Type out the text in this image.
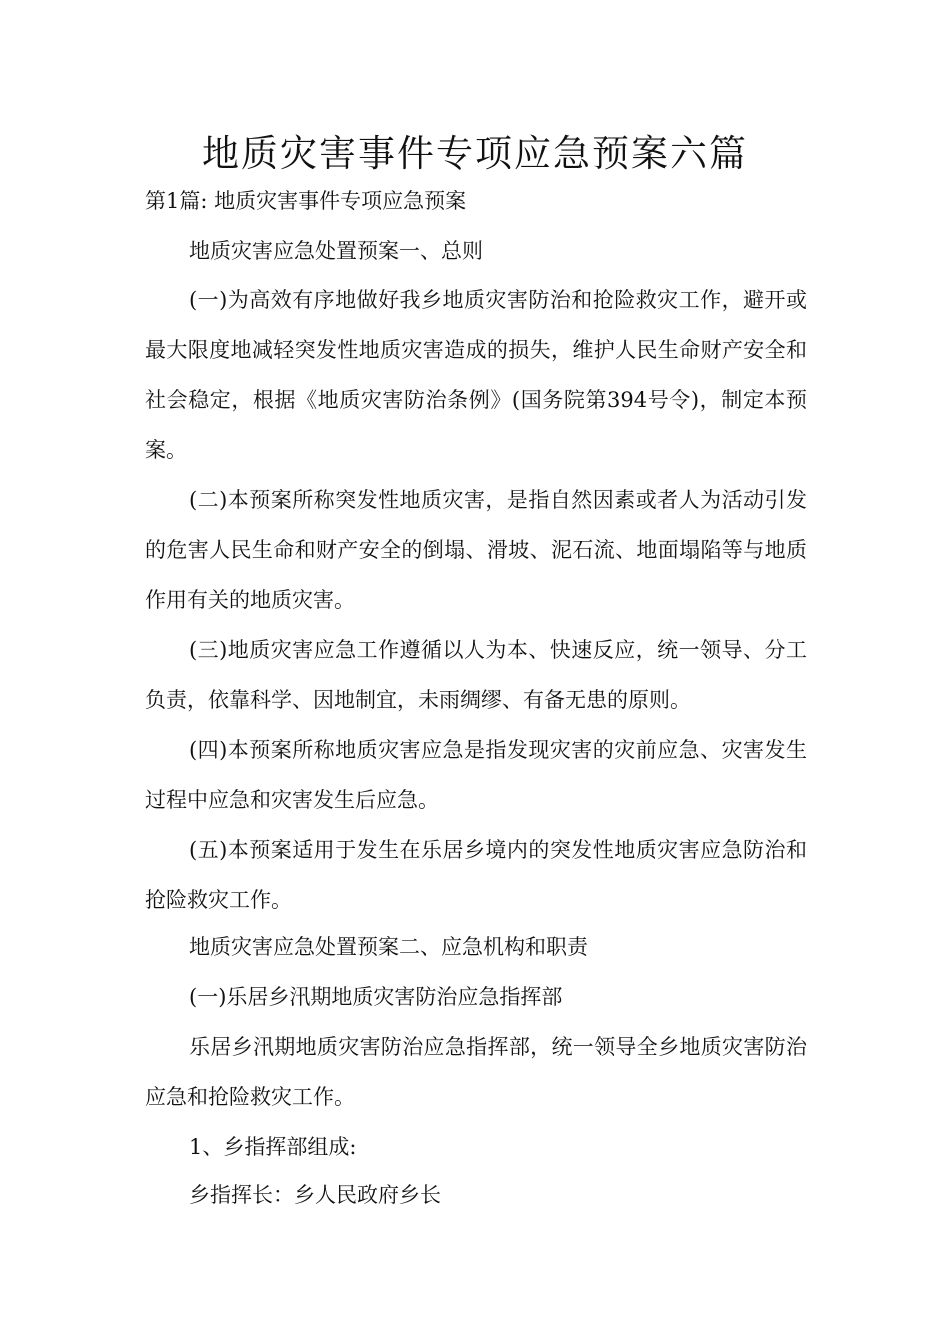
地质灾害事件专项应急预案六篇
第1篇: 地质灾害事件专项应急预案

地质灾害应急处置预案一、总则

(一)为高效有序地做好我乡地质灾害防治和抢险救灾工作，避开或最大限度地减轻突发性地质灾害造成的损失，维护人民生命财产安全和社会稳定，根据《地质灾害防治条例》(国务院第394号令)，制定本预案。

(二)本预案所称突发性地质灾害，是指自然因素或者人为活动引发的危害人民生命和财产安全的倒塌、滑坡、泥石流、地面塌陷等与地质作用有关的地质灾害。

(三)地质灾害应急工作遵循以人为本、快速反应，统一领导、分工负责，依靠科学、因地制宜，未雨绸缪、有备无患的原则。

(四)本预案所称地质灾害应急是指发现灾害的灾前应急、灾害发生过程中应急和灾害发生后应急。

(五)本预案适用于发生在乐居乡境内的突发性地质灾害应急防治和抢险救灾工作。

地质灾害应急处置预案二、应急机构和职责

(一)乐居乡汛期地质灾害防治应急指挥部

乐居乡汛期地质灾害防治应急指挥部，统一领导全乡地质灾害防治应急和抢险救灾工作。

1、乡指挥部组成:

乡指挥长：乡人民政府乡长
